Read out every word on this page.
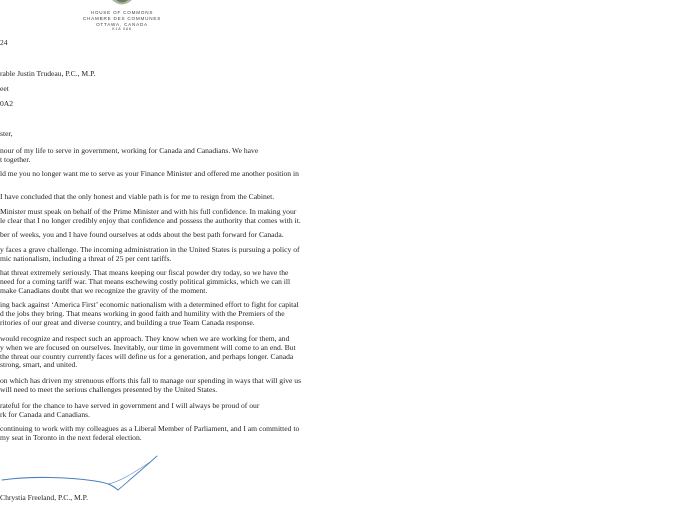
HOUSE OF COMMONS
CHAMBRE DES COMMUNES
OTTAWA, CANADA
K1A 0A6
24
rable Justin Trudeau, P.C., M.P.
eet
0A2
ster,
nour of my life to serve in government, working for Canada and Canadians. We have
t together.
ld me you no longer want me to serve as your Finance Minister and offered me another position in
I have concluded that the only honest and viable path is for me to resign from the Cabinet.
Minister must speak on behalf of the Prime Minister and with his full confidence. In making your
le clear that I no longer credibly enjoy that confidence and possess the authority that comes with it.
ber of weeks, you and I have found ourselves at odds about the best path forward for Canada.
y faces a grave challenge. The incoming administration in the United States is pursuing a policy of
mic nationalism, including a threat of 25 per cent tariffs.
hat threat extremely seriously. That means keeping our fiscal powder dry today, so we have the
need for a coming tariff war. That means eschewing costly political gimmicks, which we can ill
make Canadians doubt that we recognize the gravity of the moment.
ing back against ‘America First’ economic nationalism with a determined effort to fight for capital
d the jobs they bring. That means working in good faith and humility with the Premiers of the
ritories of our great and diverse country, and building a true Team Canada response.
would recognize and respect such an approach. They know when we are working for them, and
y when we are focused on ourselves. Inevitably, our time in government will come to an end. But
the threat our country currently faces will define us for a generation, and perhaps longer. Canada
strong, smart, and united.
on which has driven my strenuous efforts this fall to manage our spending in ways that will give us
will need to meet the serious challenges presented by the United States.
rateful for the chance to have served in government and I will always be proud of our
rk for Canada and Canadians.
continuing to work with my colleagues as a Liberal Member of Parliament, and I am committed to
my seat in Toronto in the next federal election.
Chrystia Freeland, P.C., M.P.
